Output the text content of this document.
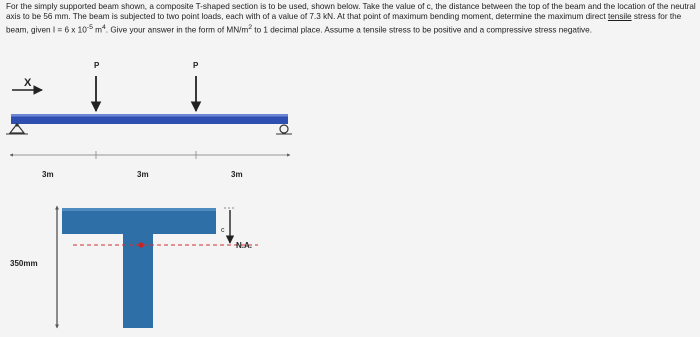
For the simply supported beam shown, a composite T-shaped section is to be used, shown below. Take the value of c, the distance between the top of the beam and the location of the neutral axis to be 56 mm. The beam is subjected to two point loads, each with of a value of 7.3 kN. At that point of maximum bending moment, determine the maximum direct tensile stress for the beam, given I = 6 x $10^{-5}$ $m^4$. Give your answer in the form of $MN/m^2$ to 1 decimal place. Assume a tensile stress to be positive and a compressive stress negative.
X
P	P
3m	3m	3m
c
N.A.
350mm
